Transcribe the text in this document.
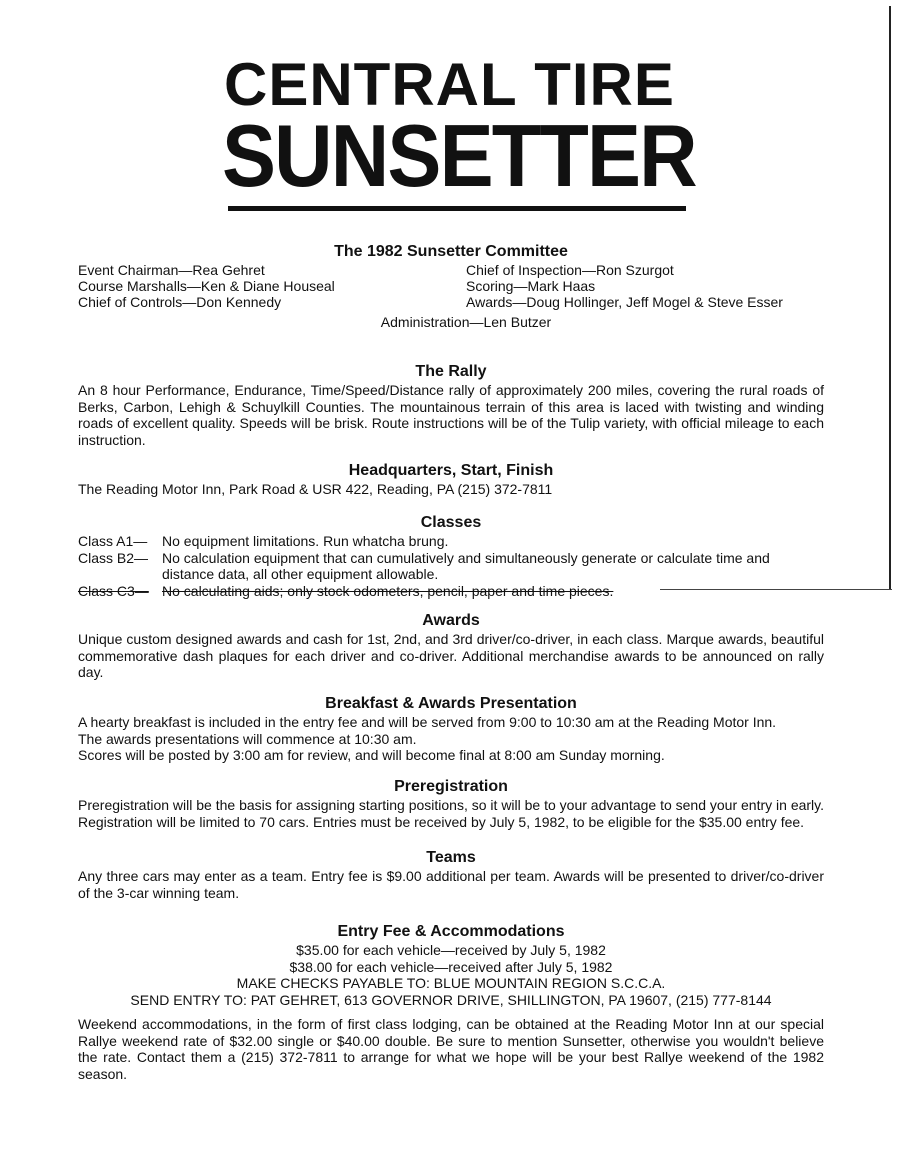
CENTRAL TIRE
SUNSETTER
The 1982 Sunsetter Committee
Event Chairman—Rea Gehret
Course Marshalls—Ken & Diane Houseal
Chief of Controls—Don Kennedy
Chief of Inspection—Ron Szurgot
Scoring—Mark Haas
Awards—Doug Hollinger, Jeff Mogel & Steve Esser
Administration—Len Butzer
The Rally
An 8 hour Performance, Endurance, Time/Speed/Distance rally of approximately 200 miles, covering the rural roads of Berks, Carbon, Lehigh & Schuylkill Counties. The mountainous terrain of this area is laced with twisting and winding roads of excellent quality. Speeds will be brisk. Route instructions will be of the Tulip variety, with official mileage to each instruction.
Headquarters, Start, Finish
The Reading Motor Inn, Park Road & USR 422, Reading, PA (215) 372-7811
Classes
Class A1—	No equipment limitations. Run whatcha brung.
Class B2— No calculation equipment that can cumulatively and simultaneously generate or calculate time and distance data, all other equipment allowable.
Class C3— No calculating aids; only stock odometers, pencil, paper and time pieces.
Awards
Unique custom designed awards and cash for 1st, 2nd, and 3rd driver/co-driver, in each class. Marque awards, beautiful commemorative dash plaques for each driver and co-driver. Additional merchandise awards to be announced on rally day.
Breakfast & Awards Presentation
A hearty breakfast is included in the entry fee and will be served from 9:00 to 10:30 am at the Reading Motor Inn.
The awards presentations will commence at 10:30 am.
Scores will be posted by 3:00 am for review, and will become final at 8:00 am Sunday morning.
Preregistration
Preregistration will be the basis for assigning starting positions, so it will be to your advantage to send your entry in early. Registration will be limited to 70 cars. Entries must be received by July 5, 1982, to be eligible for the $35.00 entry fee.
Teams
Any three cars may enter as a team. Entry fee is $9.00 additional per team. Awards will be presented to driver/co-driver of the 3-car winning team.
Entry Fee & Accommodations
$35.00 for each vehicle—received by July 5, 1982
$38.00 for each vehicle—received after July 5, 1982
MAKE CHECKS PAYABLE TO: BLUE MOUNTAIN REGION S.C.C.A.
SEND ENTRY TO: PAT GEHRET, 613 GOVERNOR DRIVE, SHILLINGTON, PA 19607, (215) 777-8144
Weekend accommodations, in the form of first class lodging, can be obtained at the Reading Motor Inn at our special Rallye weekend rate of $32.00 single or $40.00 double. Be sure to mention Sunsetter, otherwise you wouldn't believe the rate. Contact them a (215) 372-7811 to arrange for what we hope will be your best Rallye weekend of the 1982 season.
